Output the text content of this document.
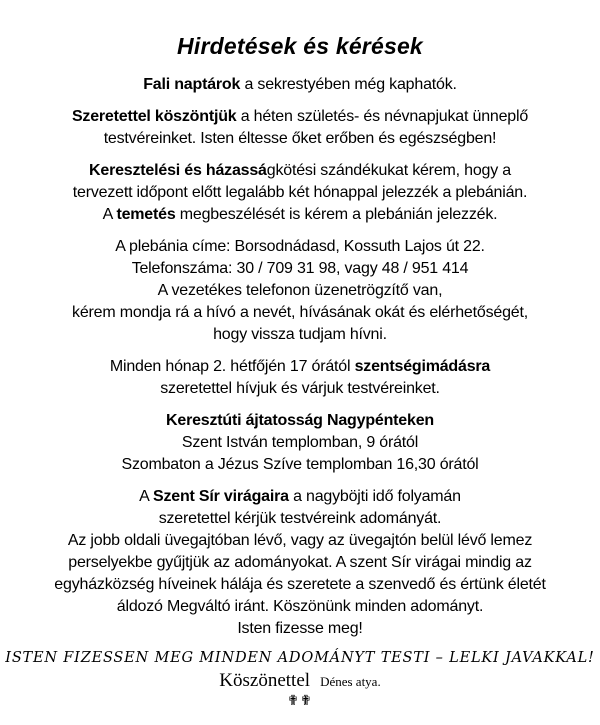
Hirdetések és kérések
Fali naptárok a sekrestyében még kaphatók.
Szeretettel köszöntjük a héten születés- és névnapjukat ünneplő
testvéreinket. Isten éltesse őket erőben és egészségben!
Keresztelési és házasságkötési szándékukat kérem, hogy a
tervezett időpont előtt legalább két hónappal jelezzék a plebánián.
A temetés megbeszélését is kérem a plebánián jelezzék.
A plebánia címe: Borsodnádasd, Kossuth Lajos út 22.
Telefonszáma: 30 / 709 31 98, vagy 48 / 951 414
A vezetékes telefonon üzenetrögzítő van,
kérem mondja rá a hívó a nevét, hívásának okát és elérhetőségét,
hogy vissza tudjam hívni.
Minden hónap 2. hétfőjén 17 órától szentségimádásra
szeretettel hívjuk és várjuk testvéreinket.
Keresztúti ájtatosság Nagypénteken
Szent István templomban, 9 órától
Szombaton a Jézus Szíve templomban 16,30 órától
A Szent Sír virágaira a nagyböjti idő folyamán
szeretettel kérjük testvéreink adományát.
Az jobb oldali üvegajtóban lévő, vagy az üvegajtón belül lévő lemez
perselyekbe gyűjtjük az adományokat. A szent Sír virágai mindig az
egyházközség híveinek hálája és szeretete a szenvedő és értünk életét
áldozó Megváltó iránt. Köszönünk minden adományt.
Isten fizesse meg!
ISTEN FIZESSEN MEG MINDEN ADOMÁNYT TESTI – LELKI JAVAKKAL!
Köszönettel Dénes atya.
✟✟
